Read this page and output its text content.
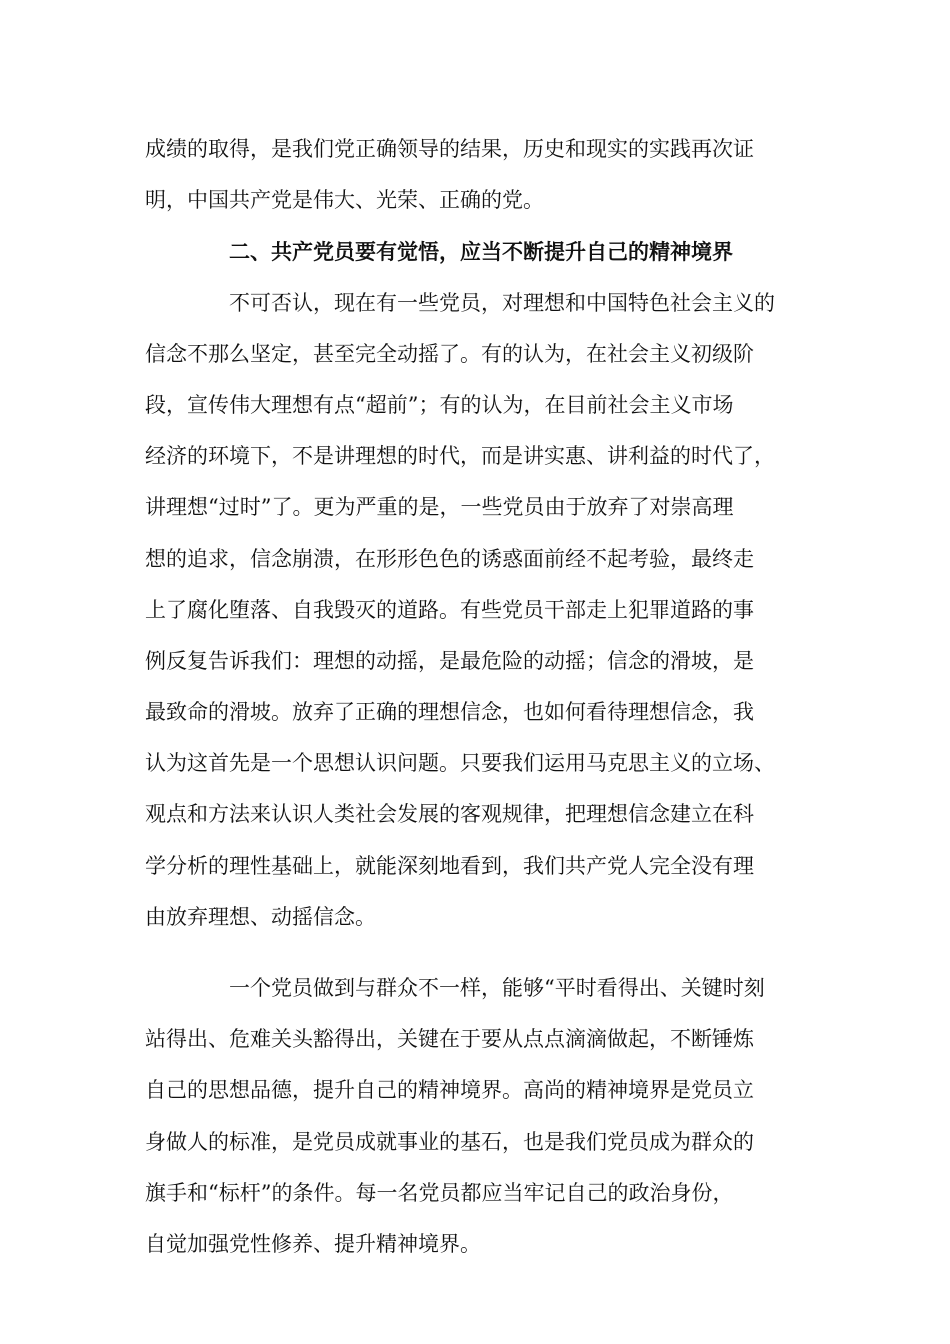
成绩的取得，是我们党正确领导的结果，历史和现实的实践再次证
明，中国共产党是伟大、光荣、正确的党。
二、共产党员要有觉悟，应当不断提升自己的精神境界
不可否认，现在有一些党员，对理想和中国特色社会主义的
信念不那么坚定，甚至完全动摇了。有的认为，在社会主义初级阶
段，宣传伟大理想有点“超前”；有的认为，在目前社会主义市场
经济的环境下，不是讲理想的时代，而是讲实惠、讲利益的时代了，
讲理想“过时”了。更为严重的是，一些党员由于放弃了对崇高理
想的追求，信念崩溃，在形形色色的诱惑面前经不起考验，最终走
上了腐化堕落、自我毁灭的道路。有些党员干部走上犯罪道路的事
例反复告诉我们：理想的动摇，是最危险的动摇；信念的滑坡，是
最致命的滑坡。放弃了正确的理想信念，也如何看待理想信念，我
认为这首先是一个思想认识问题。只要我们运用马克思主义的立场、
观点和方法来认识人类社会发展的客观规律，把理想信念建立在科
学分析的理性基础上，就能深刻地看到，我们共产党人完全没有理
由放弃理想、动摇信念。
一个党员做到与群众不一样，能够“平时看得出、关键时刻
站得出、危难关头豁得出，关键在于要从点点滴滴做起，不断锤炼
自己的思想品德，提升自己的精神境界。高尚的精神境界是党员立
身做人的标准，是党员成就事业的基石，也是我们党员成为群众的
旗手和“标杆”的条件。每一名党员都应当牢记自己的政治身份，
自觉加强党性修养、提升精神境界。
